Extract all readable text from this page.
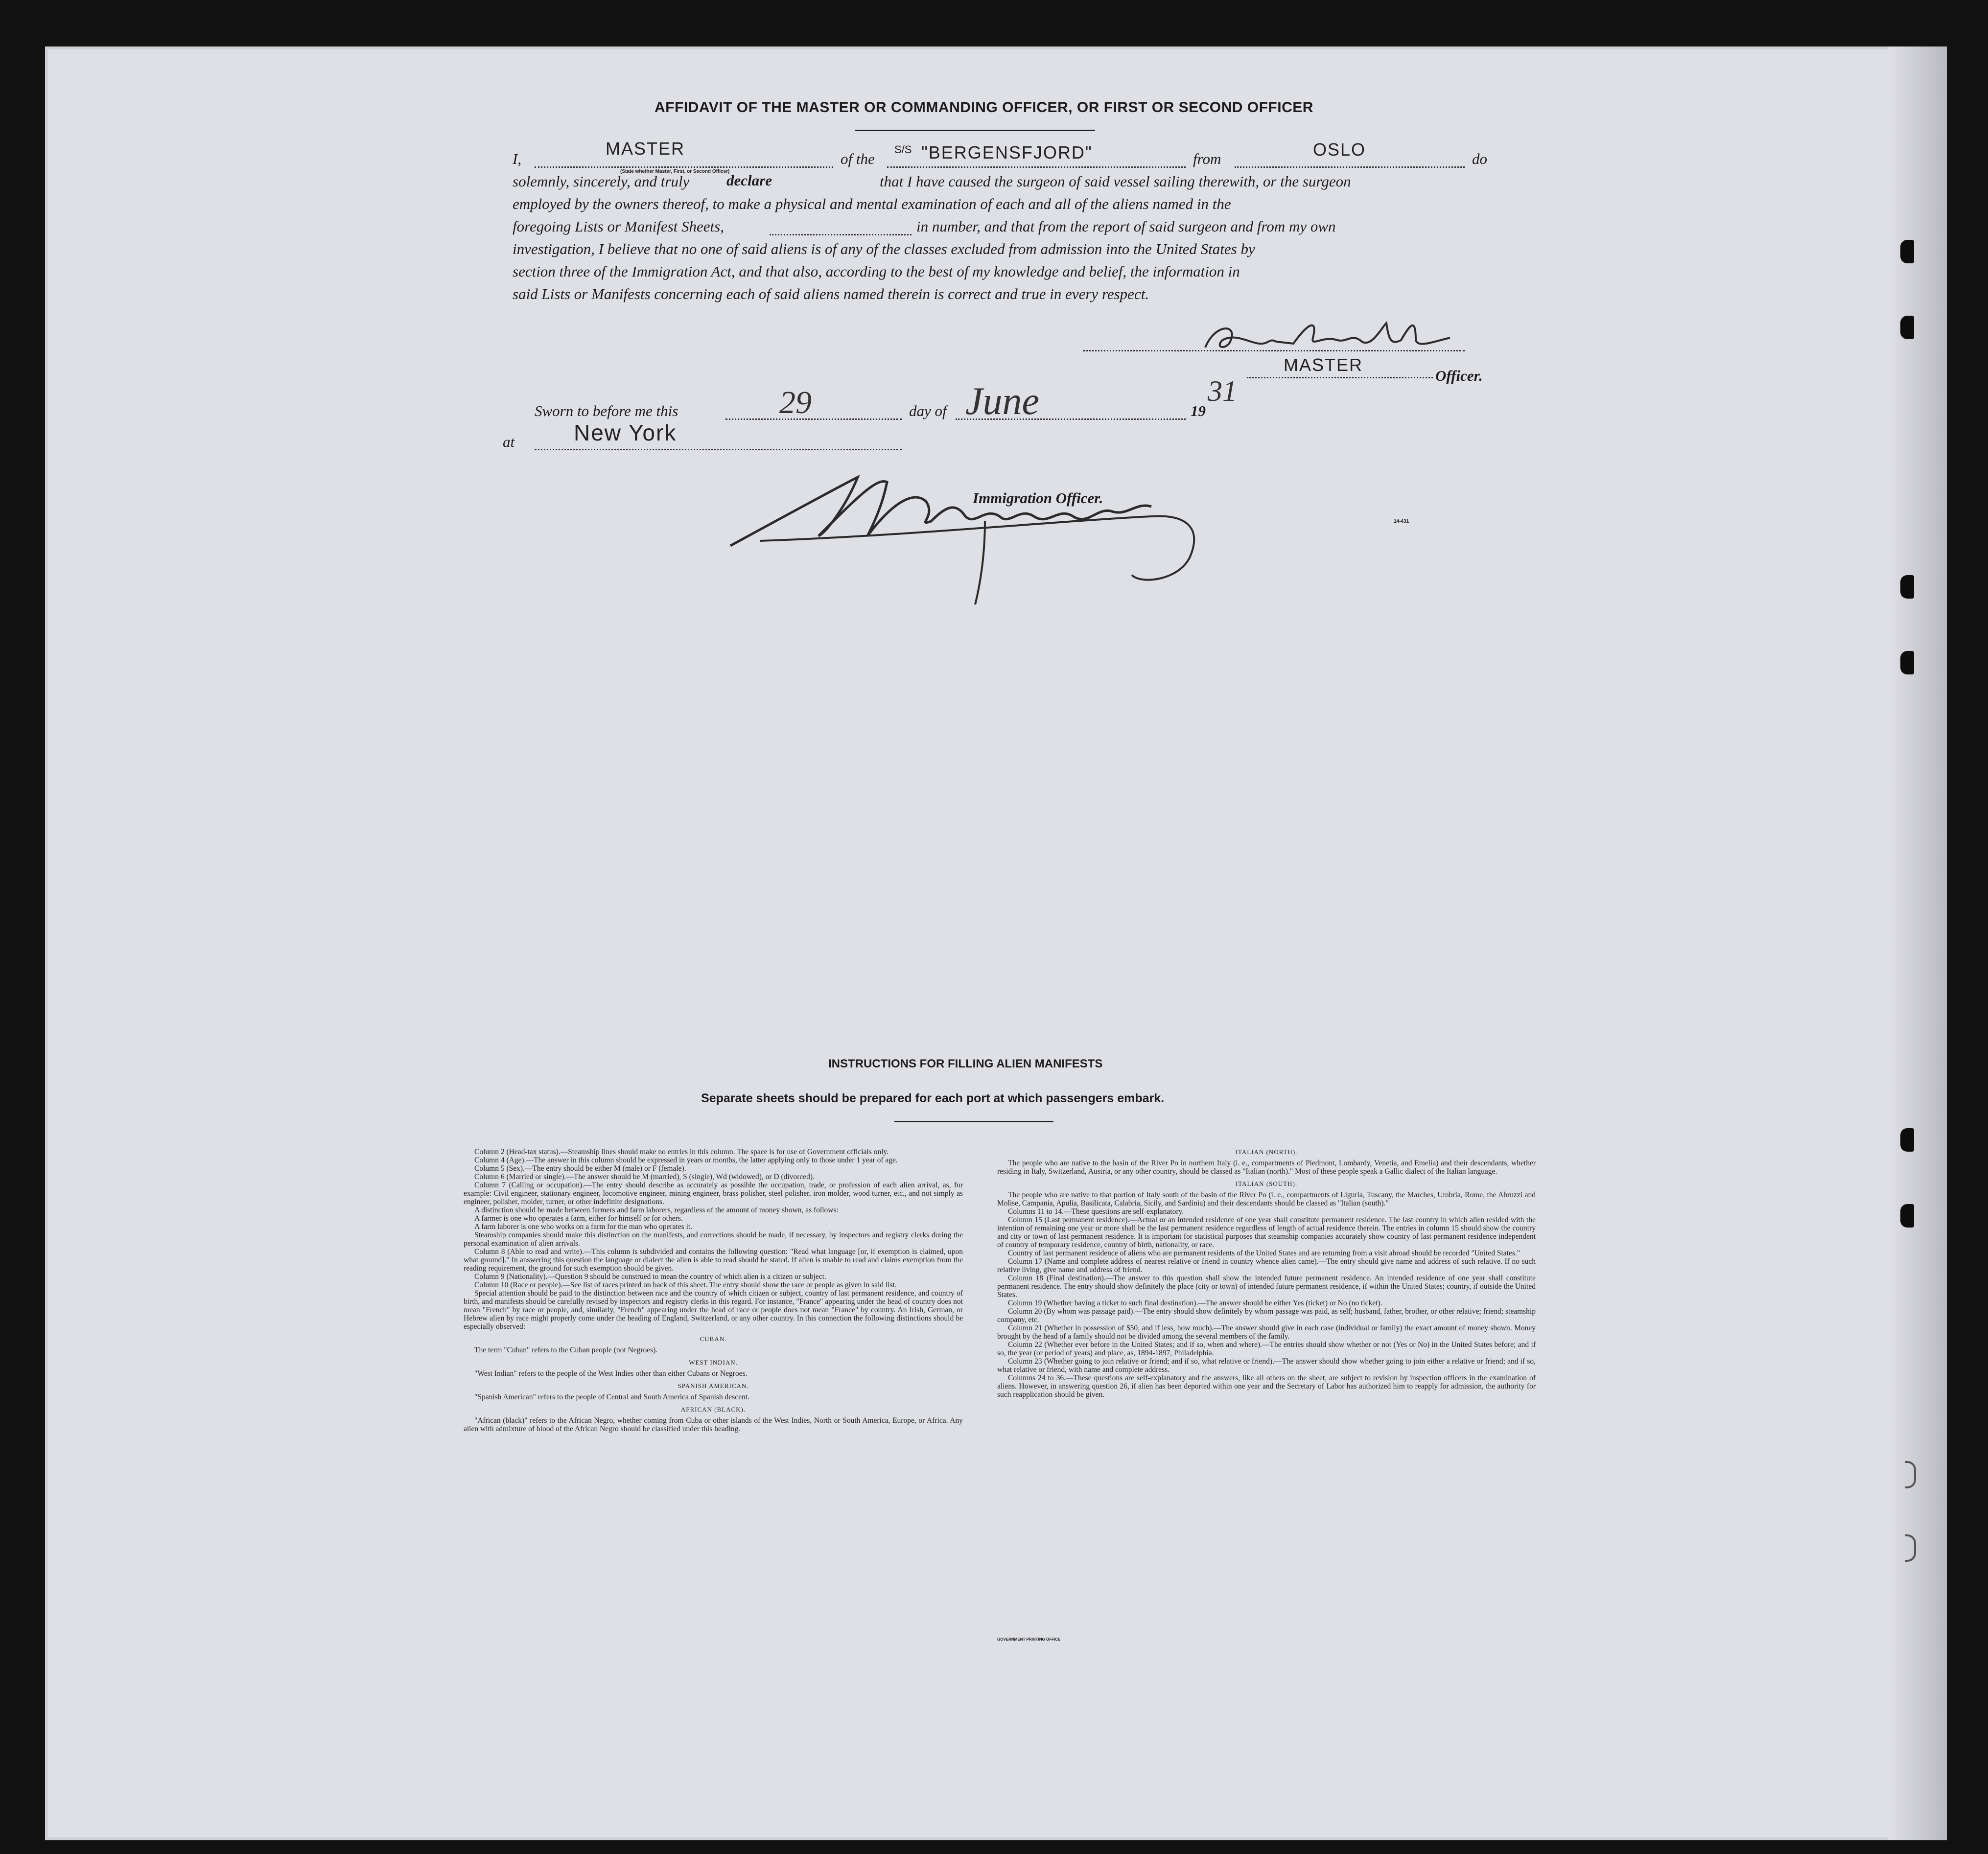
AFFIDAVIT OF THE MASTER OR COMMANDING OFFICER, OR FIRST OR SECOND OFFICER
I,
MASTER
(State whether Master, First, or Second Officer)
of the
S/S "BERGENSFJORD"	from	OSLO	do
solemnly, sincerely, and truly declare	that I have caused the surgeon of said vessel sailing therewith, or the surgeon
employed by the owners thereof, to make a physical and mental examination of each and all of the aliens named in the
foregoing Lists or Manifest Sheets,	in number, and that from the report of said surgeon and from my own
investigation, I believe that no one of said aliens is of any of the classes excluded from admission into the United States by
section three of the Immigration Act, and that also, according to the best of my knowledge and belief, the information in
said Lists or Manifests concerning each of said aliens named therein is correct and true in every respect.
MASTER
Officer.
Sworn to before me this	29	day of June	19
31
at	New York
Immigration Officer.
14-431
INSTRUCTIONS FOR FILLING ALIEN MANIFESTS
Separate sheets should be prepared for each port at which passengers embark.

Column 2 (Head-tax status).—Steamship lines should make no entries in this column. The space is for use of Government officials only.

Column 4 (Age).—The answer in this column should be expressed in years or months, the latter applying only to those under 1 year of age.

Column 5 (Sex).—The entry should be either M (male) or F (female).

Column 6 (Married or single).—The answer should be M (married), S (single), Wd (widowed), or D (divorced).

Column 7 (Calling or occupation).—The entry should describe as accurately as possible the occupation, trade, or profession of each alien arrival, as, for example: Civil engineer, stationary engineer, locomotive engineer, mining engineer, brass polisher, steel polisher, iron molder, wood turner, etc., and not simply as engineer, polisher, molder, turner, or other indefinite designations.

A distinction should be made between farmers and farm laborers, regardless of the amount of money shown, as follows:

A farmer is one who operates a farm, either for himself or for others.

A farm laborer is one who works on a farm for the man who operates it.

Steamship companies should make this distinction on the manifests, and corrections should be made, if necessary, by inspectors and registry clerks during the personal examination of alien arrivals.

Column 8 (Able to read and write).—This column is subdivided and contains the following question: "Read what language [or, if exemption is claimed, upon what ground]." In answering this question the language or dialect the alien is able to read should be stated. If alien is unable to read and claims exemption from the reading requirement, the ground for such exemption should be given.

Column 9 (Nationality).—Question 9 should be construed to mean the country of which alien is a citizen or subject.

Column 10 (Race or people).—See list of races printed on back of this sheet. The entry should show the race or people as given in said list.

Special attention should be paid to the distinction between race and the country of which citizen or subject, country of last permanent residence, and country of birth, and manifests should be carefully revised by inspectors and registry clerks in this regard. For instance, "France" appearing under the head of country does not mean "French" by race or people, and, similarly, "French" appearing under the head of race or people does not mean "France" by country. An Irish, German, or Hebrew alien by race might properly come under the heading of England, Switzerland, or any other country. In this connection the following distinctions should be especially observed:

CUBAN.

The term "Cuban" refers to the Cuban people (not Negroes).

WEST INDIAN.

"West Indian" refers to the people of the West Indies other than either Cubans or Negroes.

SPANISH AMERICAN.

"Spanish American" refers to the people of Central and South America of Spanish descent.

AFRICAN (BLACK).

"African (black)" refers to the African Negro, whether coming from Cuba or other islands of the West Indies, North or South America, Europe, or Africa. Any alien with admixture of blood of the African Negro should be classified under this heading.

ITALIAN (NORTH).

The people who are native to the basin of the River Po in northern Italy (i. e., compartments of Piedmont, Lombardy, Venetia, and Emelia) and their descendants, whether residing in Italy, Switzerland, Austria, or any other country, should be classed as "Italian (north)." Most of these people speak a Gallic dialect of the Italian language.

ITALIAN (SOUTH).

The people who are native to that portion of Italy south of the basin of the River Po (i. e., compartments of Liguria, Tuscany, the Marches, Umbria, Rome, the Abruzzi and Molise, Campania, Apulia, Basilicata, Calabria, Sicily, and Sardinia) and their descendants should be classed as "Italian (south)."

Columns 11 to 14.—These questions are self-explanatory.

Column 15 (Last permanent residence).—Actual or an intended residence of one year shall constitute permanent residence. The last country in which alien resided with the intention of remaining one year or more shall be the last permanent residence regardless of length of actual residence therein. The entries in column 15 should show the country and city or town of last permanent residence. It is important for statistical purposes that steamship companies accurately show country of last permanent residence independent of country of temporary residence, country of birth, nationality, or race.

Country of last permanent residence of aliens who are permanent residents of the United States and are returning from a visit abroad should be recorded "United States."

Column 17 (Name and complete address of nearest relative or friend in country whence alien came).—The entry should give name and address of such relative. If no such relative living, give name and address of friend.

Column 18 (Final destination).—The answer to this question shall show the intended future permanent residence. An intended residence of one year shall constitute permanent residence. The entry should show definitely the place (city or town) of intended future permanent residence, if within the United States; country, if outside the United States.

Column 19 (Whether having a ticket to such final destination).—The answer should be either Yes (ticket) or No (no ticket).

Column 20 (By whom was passage paid).—The entry should show definitely by whom passage was paid, as self; husband, father, brother, or other relative; friend; steamship company, etc.

Column 21 (Whether in possession of $50, and if less, how much).—The answer should give in each case (individual or family) the exact amount of money shown. Money brought by the head of a family should not be divided among the several members of the family.

Column 22 (Whether ever before in the United States; and if so, when and where).—The entries should show whether or not (Yes or No) in the United States before; and if so, the year (or period of years) and place, as, 1894-1897, Philadelphia.

Column 23 (Whether going to join relative or friend; and if so, what relative or friend).—The answer should show whether going to join either a relative or friend; and if so, what relative or friend, with name and complete address.

Columns 24 to 36.—These questions are self-explanatory and the answers, like all others on the sheet, are subject to revision by inspection officers in the examination of aliens. However, in answering question 26, if alien has been deported within one year and the Secretary of Labor has authorized him to reapply for admission, the authority for such reapplication should be given.

GOVERNMENT PRINTING OFFICE
